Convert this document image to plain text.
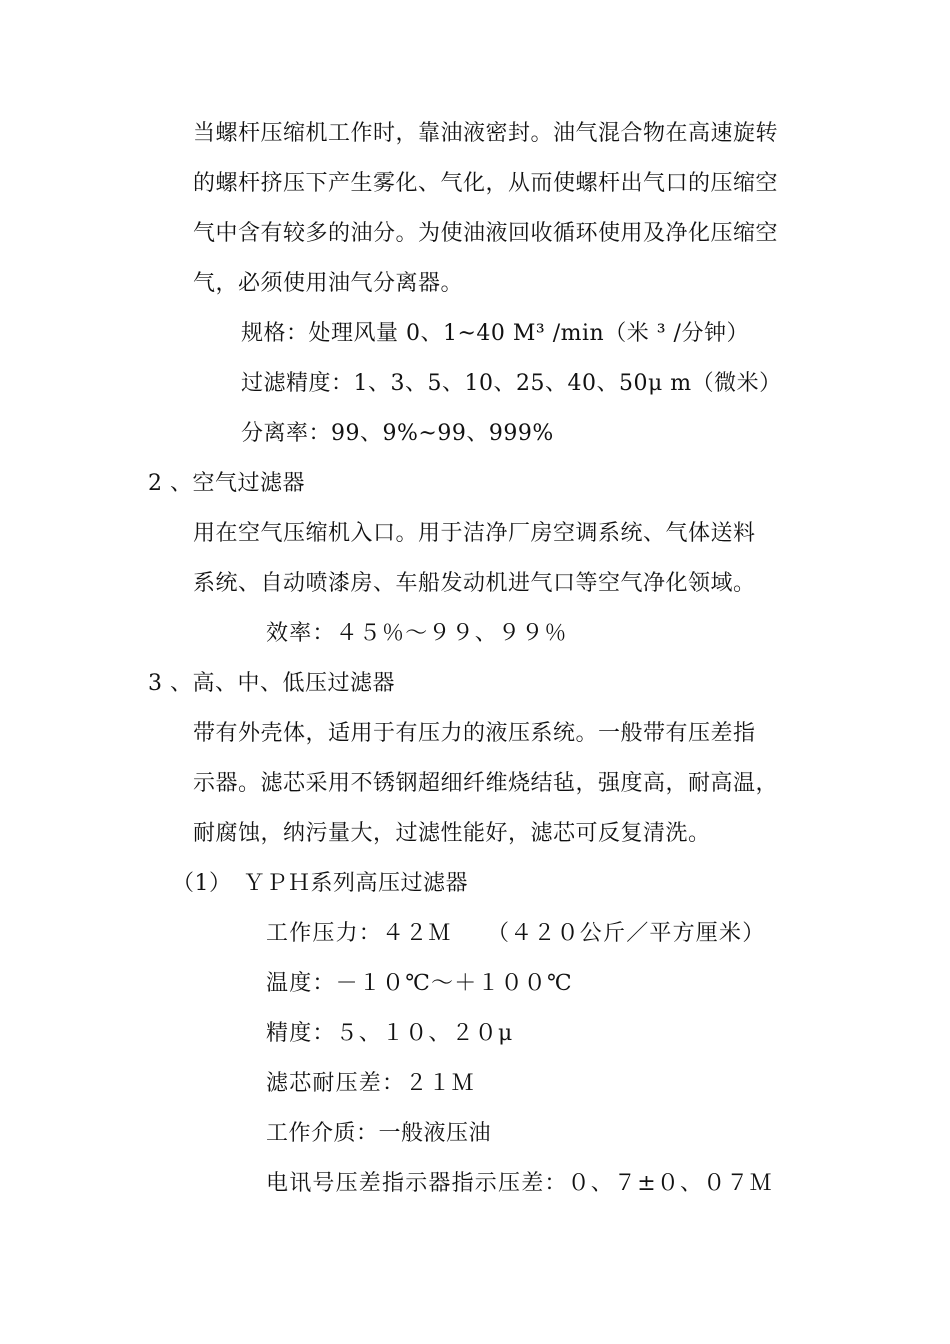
当螺杆压缩机工作时，靠油液密封。油气混合物在高速旋转
的螺杆挤压下产生雾化、气化，从而使螺杆出气口的压缩空
气中含有较多的油分。为使油液回收循环使用及净化压缩空
气，必须使用油气分离器。
规格：处理风量 0、1~40 M³ /min（米 ³ /分钟）
过滤精度：1、3、5、10、25、40、50μ m（微米）
分离率：99、9%~99、999%
2 、空气过滤器
用在空气压缩机入口。用于洁净厂房空调系统、气体送料
系统、自动喷漆房、车船发动机进气口等空气净化领域。
效率：４５％～９９、９９％
3 、高、中、低压过滤器
带有外壳体，适用于有压力的液压系统。一般带有压差指
示器。滤芯采用不锈钢超细纤维烧结毡，强度高，耐高温，
耐腐蚀，纳污量大，过滤性能好，滤芯可反复清洗。
（1）　ＹＰＨ系列高压过滤器
工作压力：４２Ｍ　　（４２０公斤／平方厘米）
温度：－１０℃～＋１００℃
精度：５、１０、２０μ
滤芯耐压差：２１Ｍ
工作介质：一般液压油
电讯号压差指示器指示压差：０、７±０、０７Ｍ
